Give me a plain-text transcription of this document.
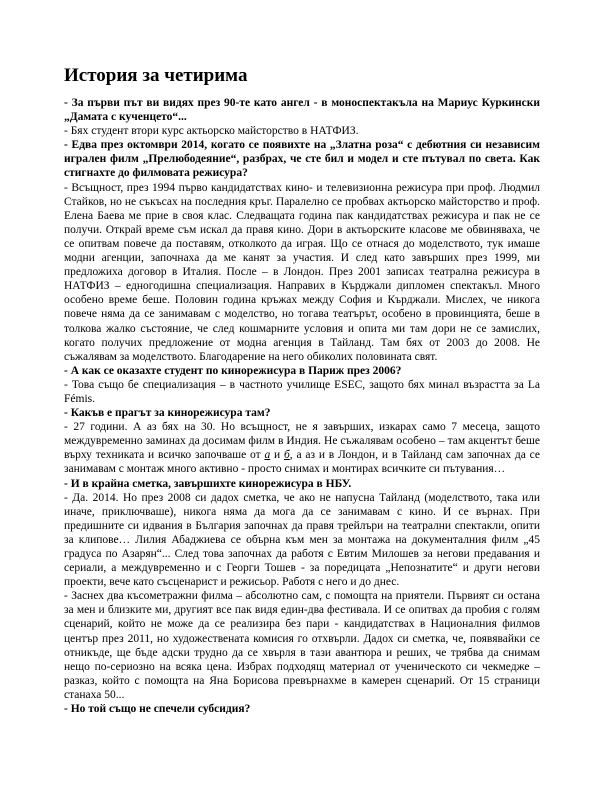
История за четирима

- За първи път ви видях през 90-те като ангел - в моноспектакъла на Мариус Куркински „Дамата с кученцето“...

- Бях студент втори курс актьорско майсторство в НАТФИЗ.

- Едва през октомври 2014, когато се появихте на „Златна роза“ с дебютния си независим игрален филм „Прелюбодеяние“, разбрах, че сте бил и модел и сте пътувал по света. Как стигнахте до филмовата режисура?

- Всъщност, през 1994 първо кандидатствах кино- и телевизионна режисура при проф. Людмил Стайков, но не съкъсах на последния кръг. Паралелно се пробвах актьорско майсторство и проф. Елена Баева ме прие в своя клас. Следващата година пак кандидатствах режисура и пак не се получи. Открай време съм искал да правя кино. Дори в актьорските класове ме обвиняваха, че се опитвам повече да поставям, отколкото да играя. Що се отнася до моделството, тук имаше модни агенции, започнаха да ме канят за участия. И след като завърших през 1999, ми предложиха договор в Италия. После – в Лондон. През 2001 записах театрална режисура в НАТФИЗ – едногодишна специализация. Направих в Кърджали дипломен спектакъл. Много особено време беше. Половин година кръжах между София и Кърджали. Мислех, че никога повече няма да се занимавам с моделство, но тогава театърът, особено в провинцията, беше в толкова жалко състояние, че след кошмарните условия и опита ми там дори не се замислих, когато получих предложение от модна агенция в Тайланд. Там бях от 2003 до 2008. Не съжалявам за моделството. Благодарение на него обиколих половината свят.

- А как се оказахте студент по кинорежисура в Париж през 2006?

- Това също бе специализация – в частното училище ESEC, защото бях минал възрастта за La Fémis.

- Какъв е прагът за кинорежисура там?

- 27 години. А аз бях на 30. Но всъщност, не я завърших, изкарах само 7 месеца, защото междувременно заминах да досимам филм в Индия. Не съжалявам особено – там акцентът беше върху техниката и всичко започваше от а и б, а аз и в Лондон, и в Тайланд сам започнах да се занимавам с монтаж много активно - просто снимах и монтирах всичките си пътувания…

- И в крайна сметка, завършихте кинорежисура в НБУ.

- Да. 2014. Но през 2008 си дадох сметка, че ако не напусна Тайланд (моделството, така или иначе, приключваше), никога няма да мога да се занимавам с кино. И се върнах. При предишните си идвания в България започнах да правя трейлъри на театрални спектакли, опити за клипове… Лилия Абаджиева се обърна към мен за монтажа на документалния филм „45 градуса по Азарян“... След това започнах да работя с Евтим Милошев за негови предавания и сериали, а междувременно и с Георги Тошев - за поредицата „Непознатите“ и други негови проекти, вече като съсценарист и режисьор. Работя с него и до днес.

- Заснех два късометражни филма – абсолютно сам, с помощта на приятели. Първият си остана за мен и близките ми, другият все пак видя един-два фестивала. И се опитвах да пробия с голям сценарий, който не може да се реализира без пари - кандидатствах в Националния филмов център през 2011, но художествената комисия го отхвърли. Дадох си сметка, че, появявайки се отникъде, ще бъде адски трудно да се хвърля в тази авантюра и реших, че трябва да снимам нещо по-сериозно на всяка цена. Избрах подходящ материал от ученическото си чекмедже – разказ, който с помощта на Яна Борисова превърнахме в камерен сценарий. От 15 страници станаха 50...

- Но той също не спечели субсидия?
